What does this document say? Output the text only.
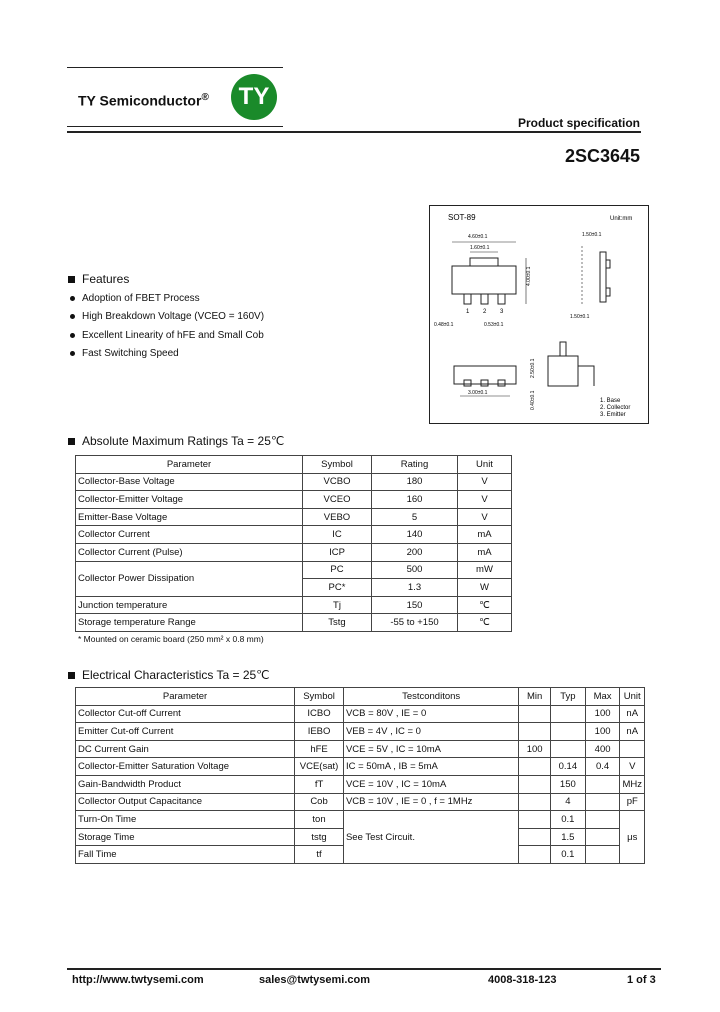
TY Semiconductor®	TY
Product specification
2SC3645
SOT-89	Unit:mm
1 2 3
4.60±0.1
1.60±0.1
4.00±0.1
0.48±0.1	0.53±0.1
1.50±0.1
1.50±0.1
3.00±0.1
2.50±0.1
0.40±0.1	1. Base
2. Collector
3. Emitter
Features
Adoption of FBET Process
High Breakdown Voltage (VCEO = 160V)
Excellent Linearity of hFE and Small Cob
Fast Switching Speed
Absolute Maximum Ratings Ta = 25℃
Parameter	Symbol	Rating	Unit
Collector-Base Voltage	VCBO	180	V
Collector-Emitter Voltage	VCEO	160	V
Emitter-Base Voltage	VEBO	5	V
Collector Current	IC	140	mA
Collector Current (Pulse)	ICP	200	mA
Collector Power Dissipation	PC	500	mW
	PC*	1.3	W
Junction temperature	Tj	150	℃
Storage temperature Range	Tstg	-55 to +150	℃
* Mounted on ceramic board (250 mm² x 0.8 mm)
Electrical Characteristics Ta = 25℃
Parameter	Symbol	Testconditons	Min	Typ	Max	Unit
Collector Cut-off Current	ICBO	VCB = 80V , IE = 0			100	nA
Emitter Cut-off Current	IEBO	VEB = 4V , IC = 0			100	nA
DC Current Gain	hFE	VCE = 5V , IC = 10mA	100		400	
Collector-Emitter Saturation Voltage	VCE(sat)	IC = 50mA , IB = 5mA		0.14	0.4	V
Gain-Bandwidth Product	fT	VCE = 10V , IC = 10mA		150		MHz
Collector Output Capacitance	Cob	VCB = 10V , IE = 0 , f = 1MHz		4		pF
Turn-On Time	ton	See Test Circuit.		0.1		μs
Storage Time	tstg			1.5		
Fall Time	tf			0.1		
http://www.twtysemi.com	sales@twtysemi.com	4008-318-123	1 of 3
